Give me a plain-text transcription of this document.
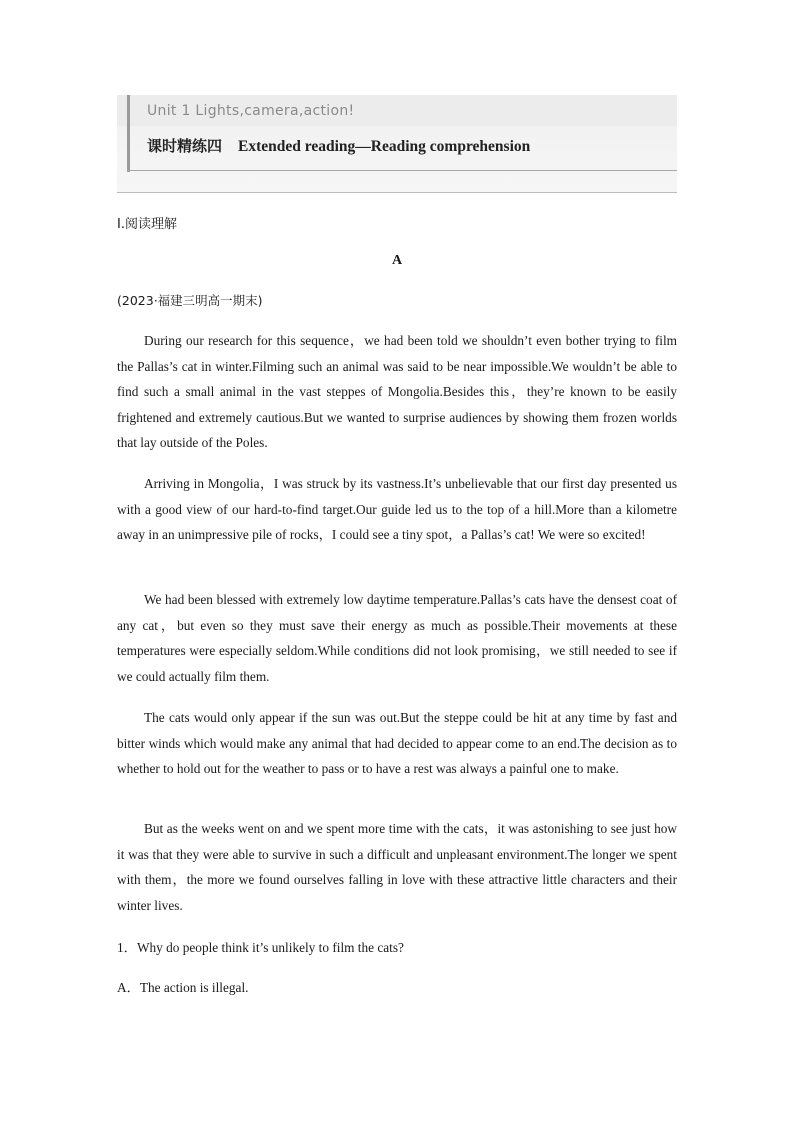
Unit 1 Lights,camera,action!
课时精练四 Extended reading—Reading comprehension
Ⅰ.阅读理解
A
(2023·福建三明高一期末)

During our research for this sequence，we had been told we shouldn’t even bother trying to film the Pallas’s cat in winter.Filming such an animal was said to be near impossible.We wouldn’t be able to find such a small animal in the vast steppes of Mongolia.Besides this，they’re known to be easily frightened and extremely cautious.But we wanted to surprise audiences by showing them frozen worlds that lay outside of the Poles.

Arriving in Mongolia，I was struck by its vastness.It’s unbelievable that our first day presented us with a good view of our hard-to-find target.Our guide led us to the top of a hill.More than a kilometre away in an unimpressive pile of rocks，I could see a tiny spot，a Pallas’s cat! We were so excited!

We had been blessed with extremely low daytime temperature.Pallas’s cats have the densest coat of any cat，but even so they must save their energy as much as possible.Their movements at these temperatures were especially seldom.While conditions did not look promising，we still needed to see if we could actually film them.

The cats would only appear if the sun was out.But the steppe could be hit at any time by fast and bitter winds which would make any animal that had decided to appear come to an end.The decision as to whether to hold out for the weather to pass or to have a rest was always a painful one to make.

But as the weeks went on and we spent more time with the cats，it was astonishing to see just how it was that they were able to survive in such a difficult and unpleasant environment.The longer we spent with them，the more we found ourselves falling in love with these attractive little characters and their winter lives.

1．Why do people think it’s unlikely to film the cats?
A．The action is illegal.
